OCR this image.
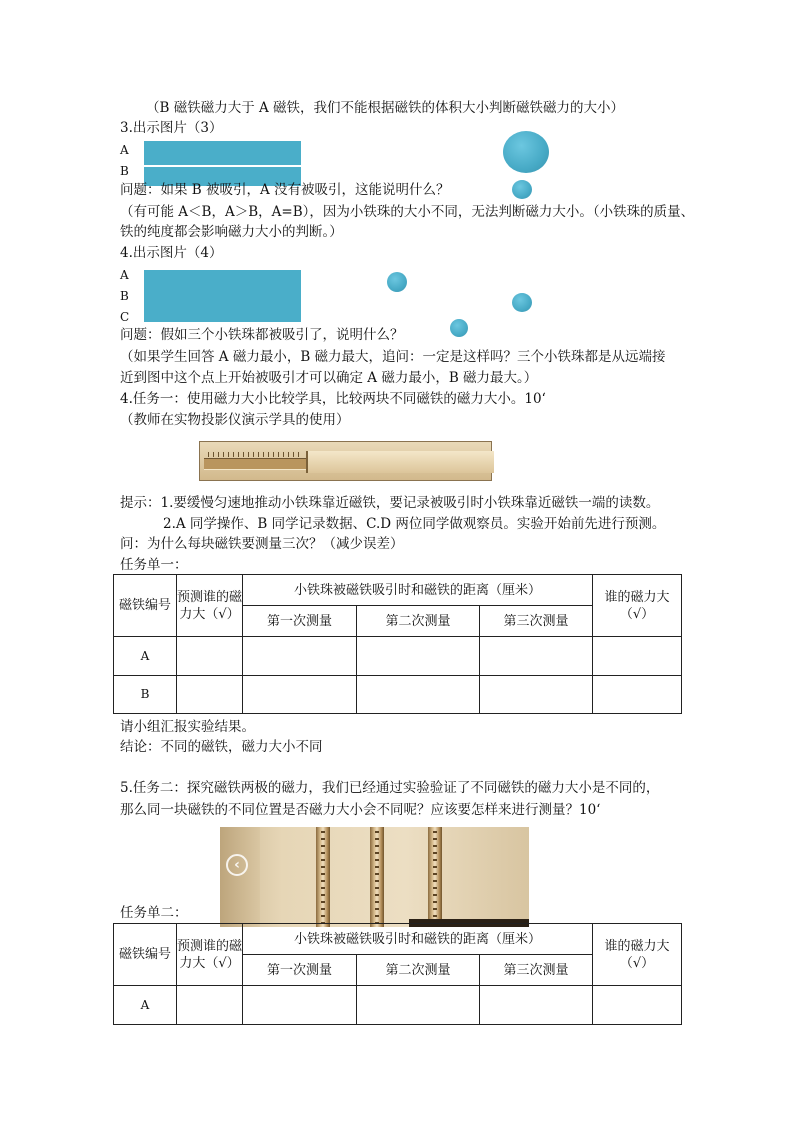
（B 磁铁磁力大于 A 磁铁，我们不能根据磁铁的体积大小判断磁铁磁力的大小）
3.出示图片（3）
A
B
问题：如果 B 被吸引，A 没有被吸引，这能说明什么？
（有可能 A＜B，A＞B，A=B），因为小铁珠的大小不同，无法判断磁力大小。（小铁珠的质量、
铁的纯度都会影响磁力大小的判断。）
4.出示图片（4）
A
B
C
问题：假如三个小铁珠都被吸引了，说明什么？
（如果学生回答 A 磁力最小，B 磁力最大，追问：一定是这样吗？三个小铁珠都是从远端接
近到图中这个点上开始被吸引才可以确定 A 磁力最小，B 磁力最大。）
4.任务一：使用磁力大小比较学具，比较两块不同磁铁的磁力大小。10‘
（教师在实物投影仪演示学具的使用）
提示：1.要缓慢匀速地推动小铁珠靠近磁铁，要记录被吸引时小铁珠靠近磁铁一端的读数。
2.A 同学操作、B 同学记录数据、C.D 两位同学做观察员。实验开始前先进行预测。
问：为什么每块磁铁要测量三次？（减少误差）
任务单一：
磁铁编号	预测谁的磁力大（√）	小铁珠被磁铁吸引时和磁铁的距离（厘米）			谁的磁力大（√）
		第一次测量	第二次测量	第三次测量	
A					
B					
请小组汇报实验结果。
结论：不同的磁铁，磁力大小不同
5.任务二：探究磁铁两极的磁力，我们已经通过实验验证了不同磁铁的磁力大小是不同的，
那么同一块磁铁的不同位置是否磁力大小会不同呢？应该要怎样来进行测量？10‘
‹
任务单二：
磁铁编号	预测谁的磁力大（√）	小铁珠被磁铁吸引时和磁铁的距离（厘米）			谁的磁力大（√）
		第一次测量	第二次测量	第三次测量	
A					
